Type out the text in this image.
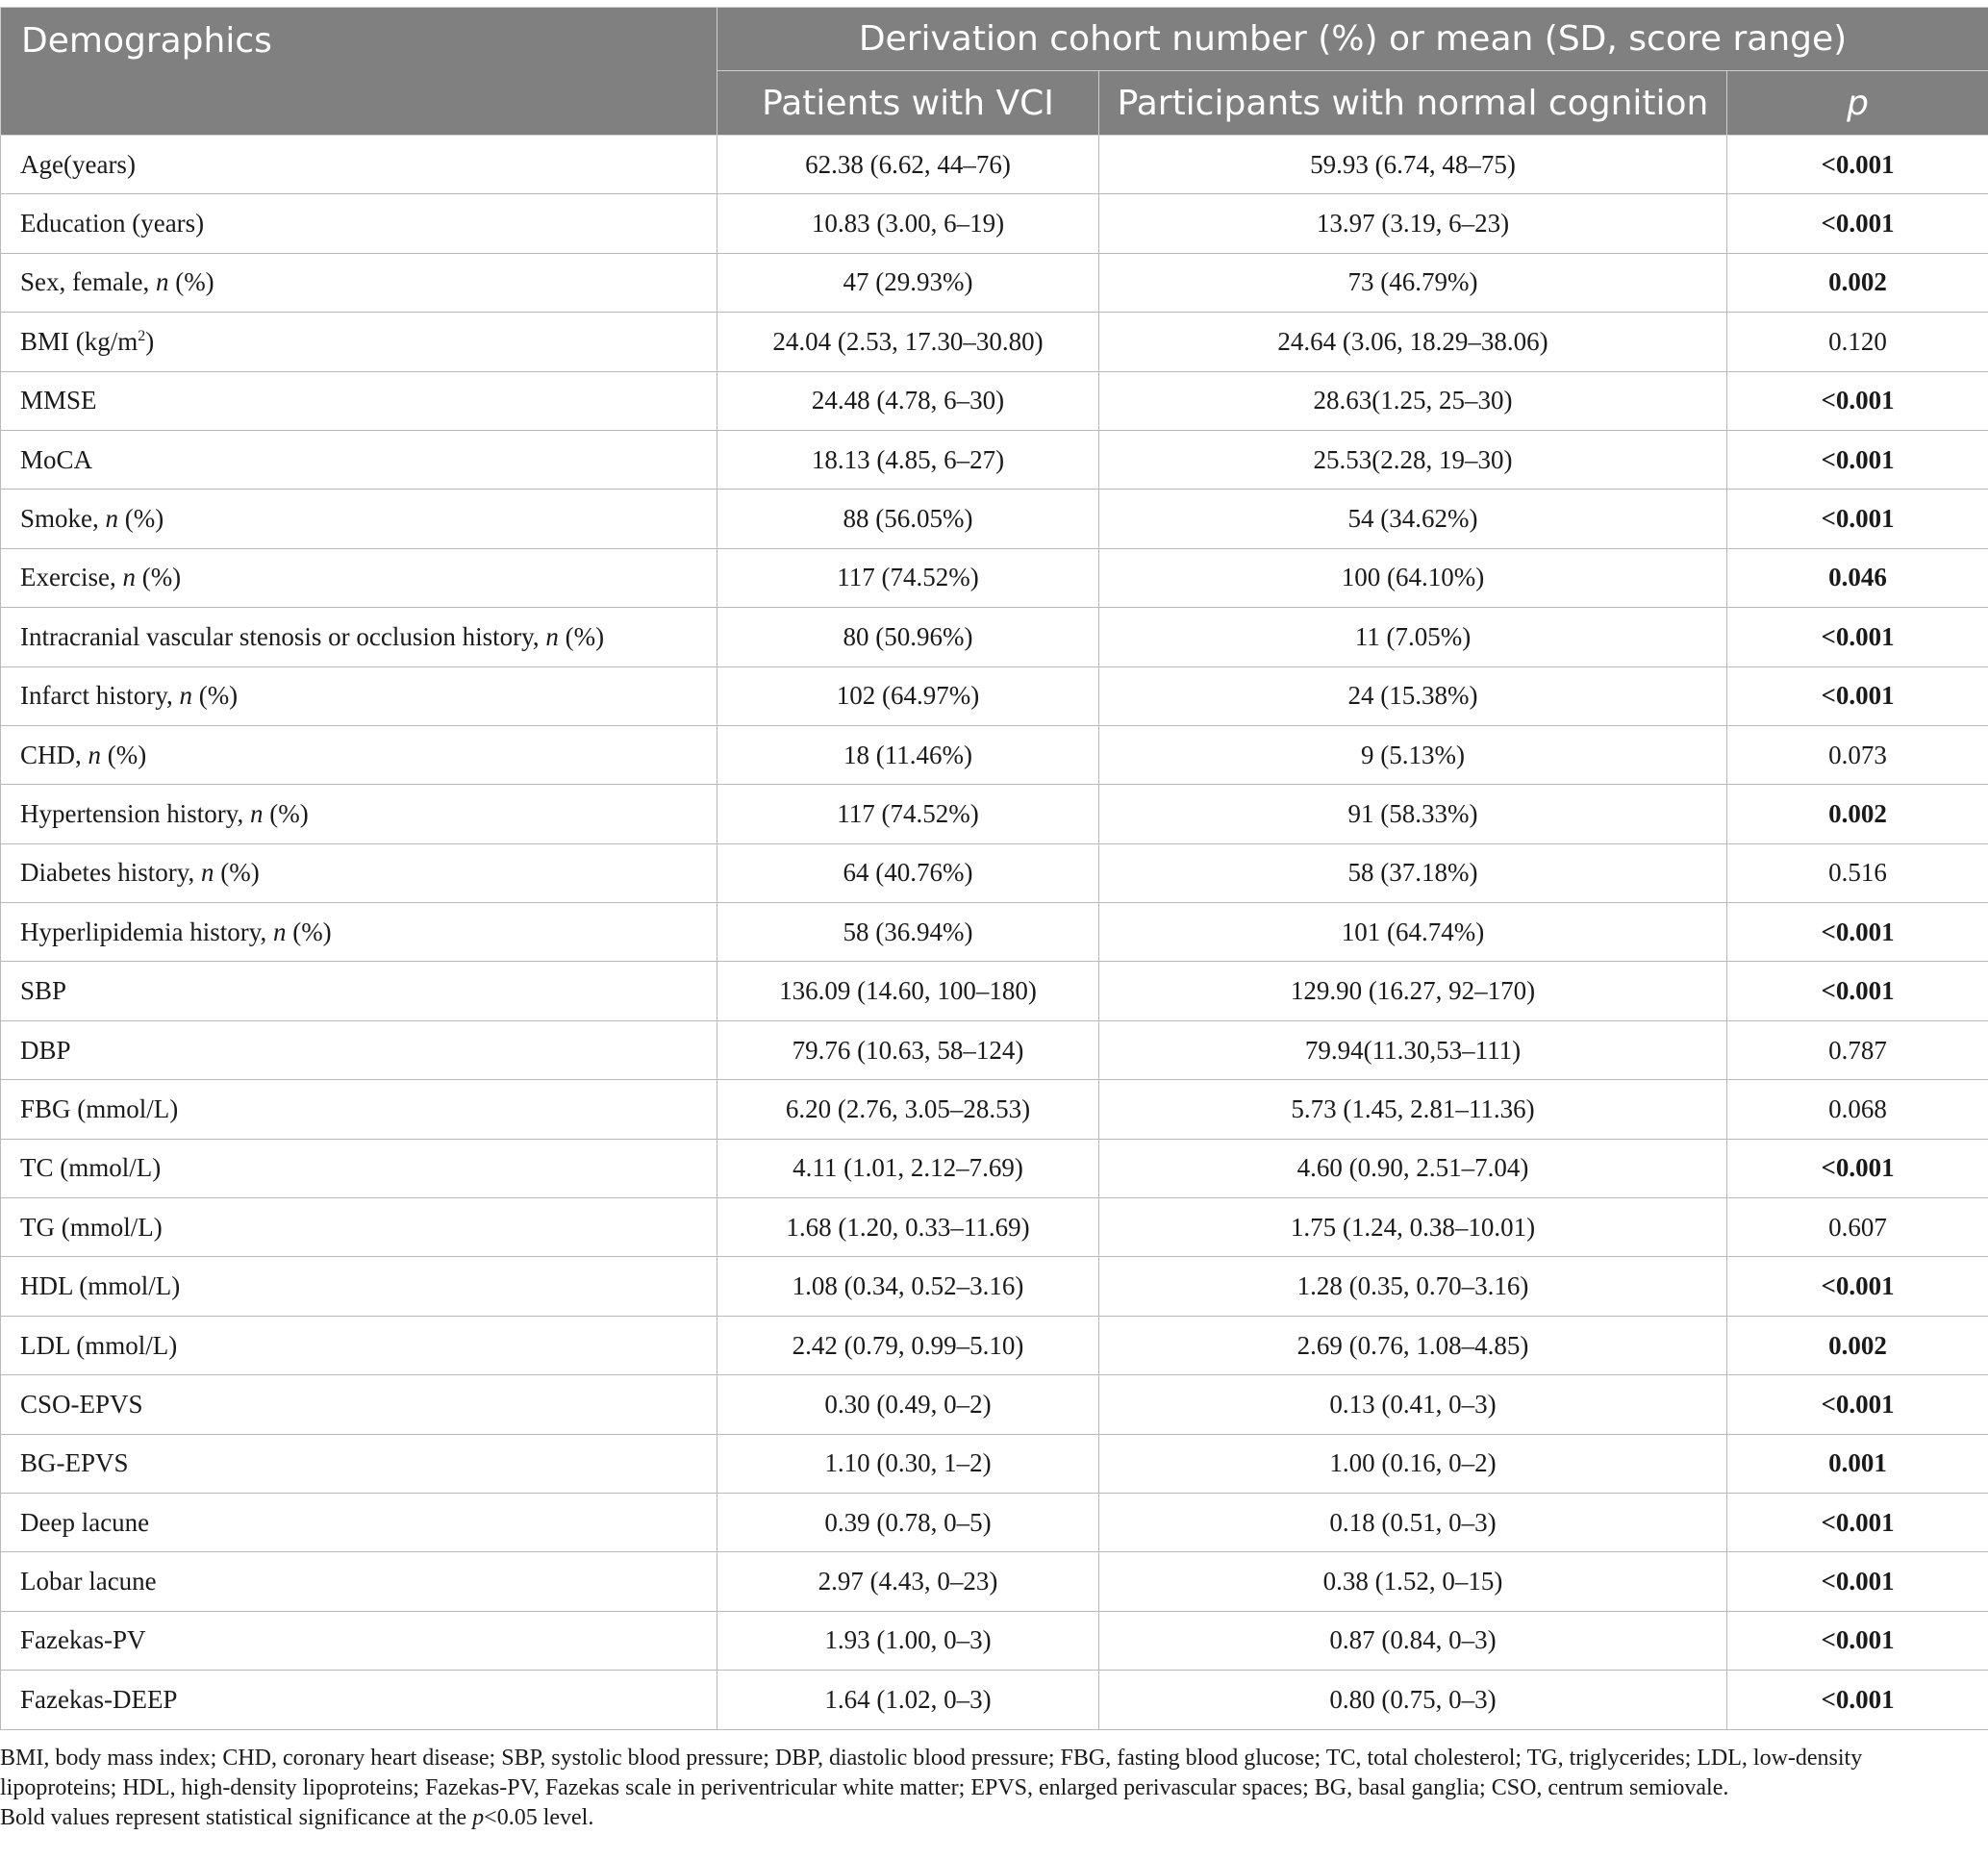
Demographics	Derivation cohort number (%) or mean (SD, score range)		
	Patients with VCI	Participants with normal cognition	p
Age(years)	62.38 (6.62, 44–76)	59.93 (6.74, 48–75)	<0.001
Education (years)	10.83 (3.00, 6–19)	13.97 (3.19, 6–23)	<0.001
Sex, female, n (%)	47 (29.93%)	73 (46.79%)	0.002
BMI $(kg/m^2)$	24.04 (2.53, 17.30–30.80)	24.64 (3.06, 18.29–38.06)	0.120
MMSE	24.48 (4.78, 6–30)	28.63(1.25, 25–30)	<0.001
MoCA	18.13 (4.85, 6–27)	25.53(2.28, 19–30)	<0.001
Smoke, n (%)	88 (56.05%)	54 (34.62%)	<0.001
Exercise, n (%)	117 (74.52%)	100 (64.10%)	0.046
Intracranial vascular stenosis or occlusion history, n (%)	80 (50.96%)	11 (7.05%)	<0.001
Infarct history, n (%)	102 (64.97%)	24 (15.38%)	<0.001
CHD, n (%)	18 (11.46%)	9 (5.13%)	0.073
Hypertension history, n (%)	117 (74.52%)	91 (58.33%)	0.002
Diabetes history, n (%)	64 (40.76%)	58 (37.18%)	0.516
Hyperlipidemia history, n (%)	58 (36.94%)	101 (64.74%)	<0.001
SBP	136.09 (14.60, 100–180)	129.90 (16.27, 92–170)	<0.001
DBP	79.76 (10.63, 58–124)	79.94(11.30,53–111)	0.787
FBG (mmol/L)	6.20 (2.76, 3.05–28.53)	5.73 (1.45, 2.81–11.36)	0.068
TC (mmol/L)	4.11 (1.01, 2.12–7.69)	4.60 (0.90, 2.51–7.04)	<0.001
TG (mmol/L)	1.68 (1.20, 0.33–11.69)	1.75 (1.24, 0.38–10.01)	0.607
HDL (mmol/L)	1.08 (0.34, 0.52–3.16)	1.28 (0.35, 0.70–3.16)	<0.001
LDL (mmol/L)	2.42 (0.79, 0.99–5.10)	2.69 (0.76, 1.08–4.85)	0.002
CSO-EPVS	0.30 (0.49, 0–2)	0.13 (0.41, 0–3)	<0.001
BG-EPVS	1.10 (0.30, 1–2)	1.00 (0.16, 0–2)	0.001
Deep lacune	0.39 (0.78, 0–5)	0.18 (0.51, 0–3)	<0.001
Lobar lacune	2.97 (4.43, 0–23)	0.38 (1.52, 0–15)	<0.001
Fazekas-PV	1.93 (1.00, 0–3)	0.87 (0.84, 0–3)	<0.001
Fazekas-DEEP	1.64 (1.02, 0–3)	0.80 (0.75, 0–3)	<0.001

BMI, body mass index; CHD, coronary heart disease; SBP, systolic blood pressure; DBP, diastolic blood pressure; FBG, fasting blood glucose; TC, total cholesterol; TG, triglycerides; LDL, low-density lipoproteins; HDL, high-density lipoproteins; Fazekas-PV, Fazekas scale in periventricular white matter; EPVS, enlarged perivascular spaces; BG, basal ganglia; CSO, centrum semiovale.
Bold values represent statistical significance at the p<0.05 level.
